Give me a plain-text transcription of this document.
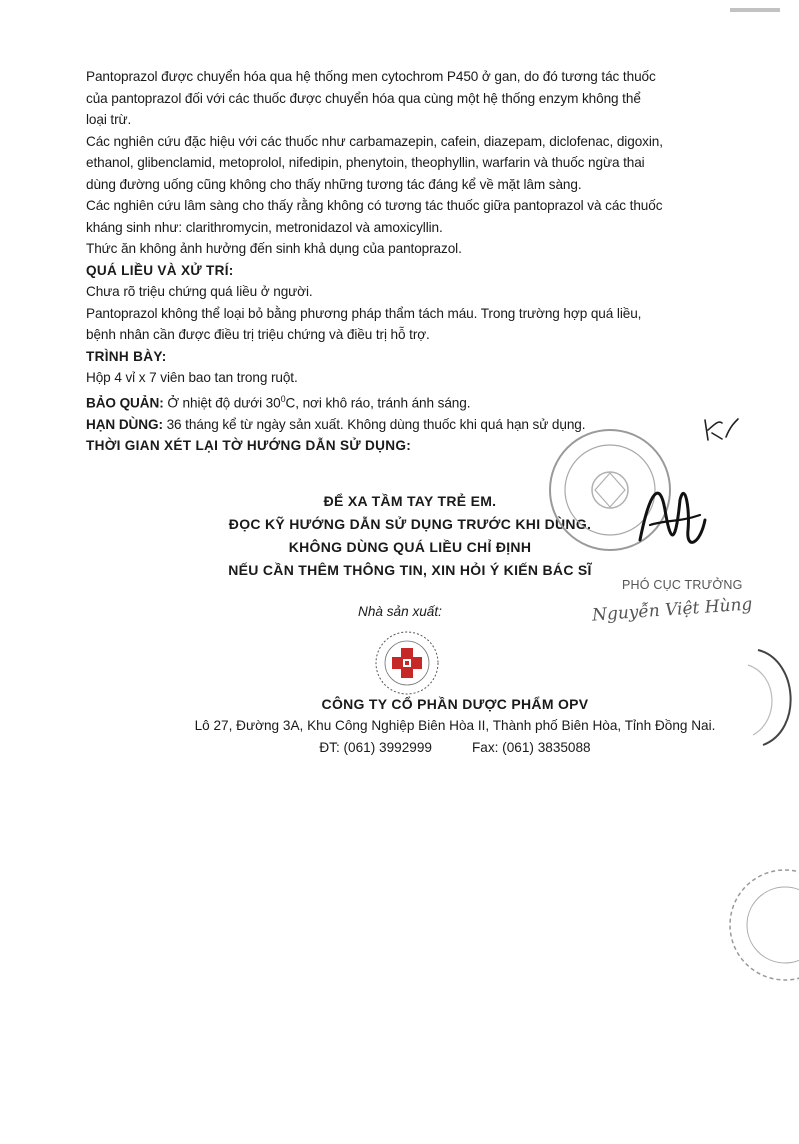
Pantoprazol được chuyển hóa qua hệ thống men cytochrom P450 ở gan, do đó tương tác thuốc

của pantoprazol đối với các thuốc được chuyển hóa qua cùng một hệ thống enzym không thể

loại trừ.

Các nghiên cứu đặc hiệu với các thuốc như carbamazepin, cafein, diazepam, diclofenac, digoxin,

ethanol, glibenclamid, metoprolol, nifedipin, phenytoin, theophyllin, warfarin và thuốc ngừa thai

dùng đường uống cũng không cho thấy những tương tác đáng kể về mặt lâm sàng.

Các nghiên cứu lâm sàng cho thấy rằng không có tương tác thuốc giữa pantoprazol và các thuốc

kháng sinh như: clarithromycin, metronidazol và amoxicyllin.

Thức ăn không ảnh hưởng đến sinh khả dụng của pantoprazol.

QUÁ LIỀU VÀ XỬ TRÍ:

Chưa rõ triệu chứng quá liều ở người.

Pantoprazol không thể loại bỏ bằng phương pháp thẩm tách máu. Trong trường hợp quá liều,

bệnh nhân cần được điều trị triệu chứng và điều trị hỗ trợ.

TRÌNH BÀY:

Hộp 4 vỉ x 7 viên bao tan trong ruột.

BẢO QUẢN: Ở nhiệt độ dưới $30^0C$, nơi khô ráo, tránh ánh sáng.

HẠN DÙNG: 36 tháng kể từ ngày sản xuất. Không dùng thuốc khi quá hạn sử dụng.

THỜI GIAN XÉT LẠI TỜ HƯỚNG DẪN SỬ DỤNG:

ĐỂ XA TẦM TAY TRẺ EM.

ĐỌC KỸ HƯỚNG DẪN SỬ DỤNG TRƯỚC KHI DÙNG.

KHÔNG DÙNG QUÁ LIỀU CHỈ ĐỊNH

NẾU CẦN THÊM THÔNG TIN, XIN HỎI Ý KIẾN BÁC SĨ

Nhà sản xuất:

CÔNG TY CỔ PHẦN DƯỢC PHẨM OPV

Lô 27, Đường 3A, Khu Công Nghiệp Biên Hòa II, Thành phố Biên Hòa, Tỉnh Đồng Nai.

ĐT: (061) 3992999	Fax: (061) 3835088
PHÓ CỤC TRƯỞNG
Nguyễn Việt Hùng
